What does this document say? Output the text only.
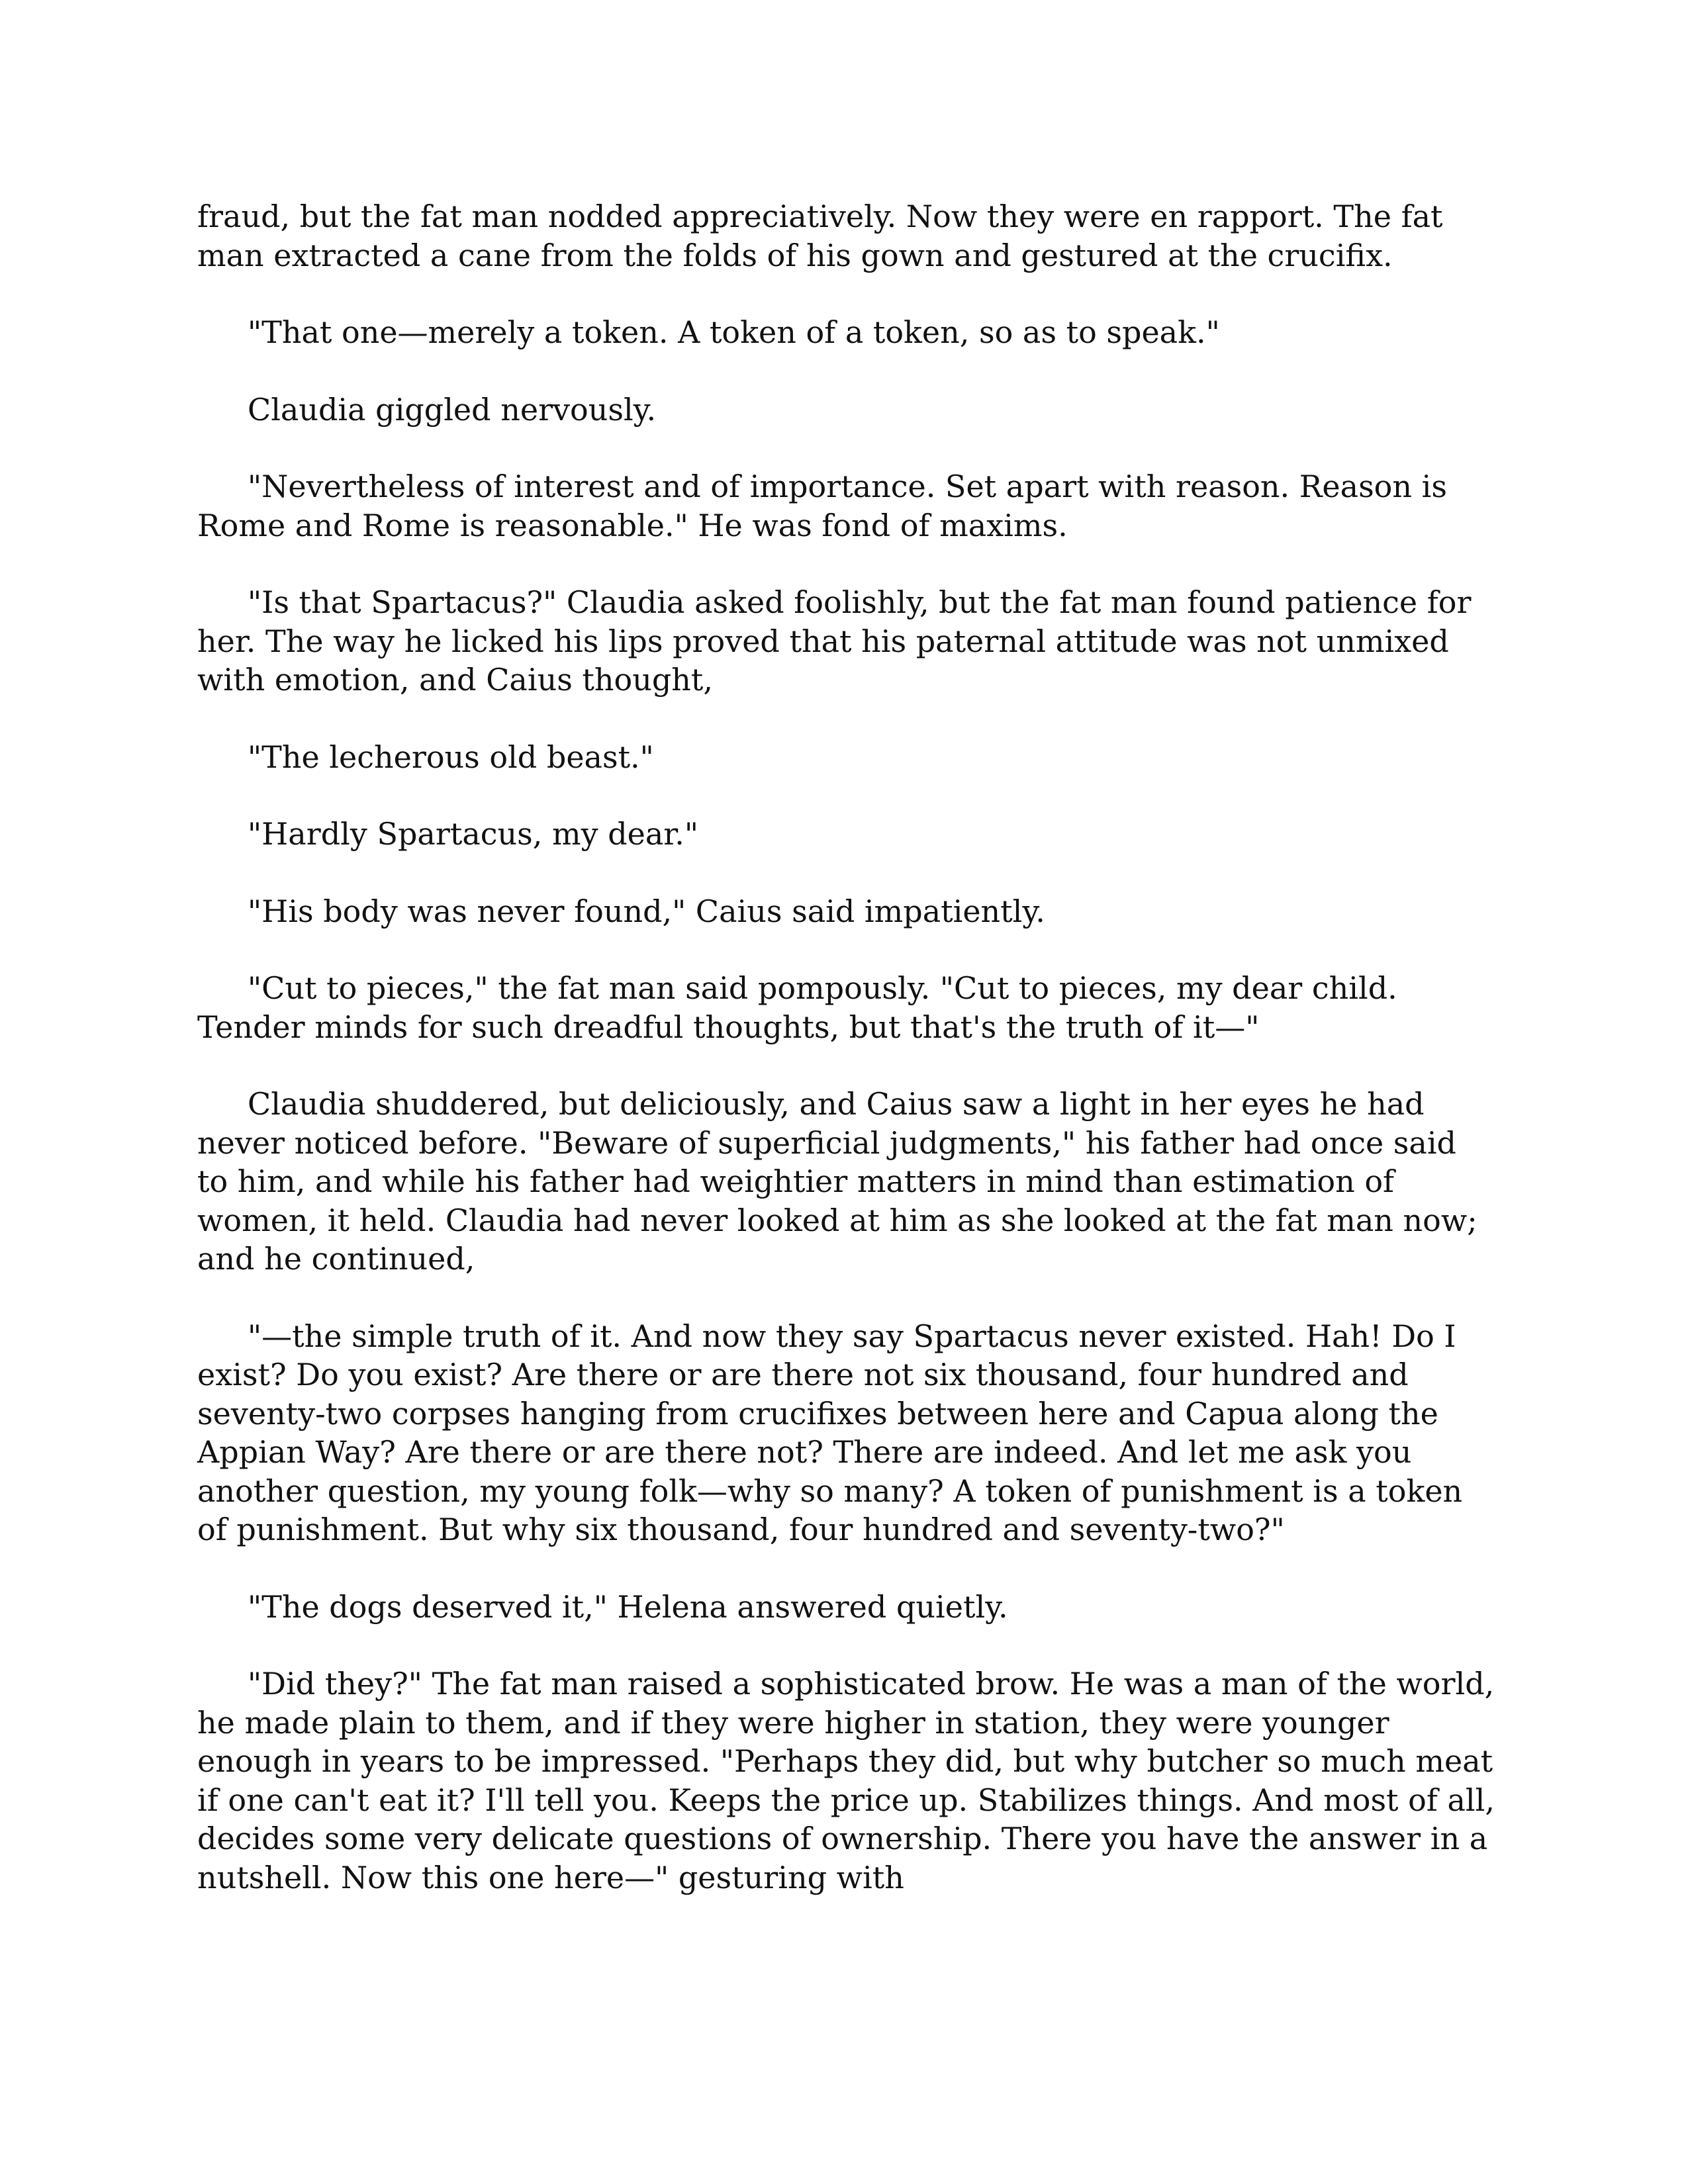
fraud, but the fat man nodded appreciatively. Now they were en rapport. The fat man extracted a cane from the folds of his gown and gestured at the crucifix.

"That one—merely a token. A token of a token, so as to speak."

Claudia giggled nervously.

"Nevertheless of interest and of importance. Set apart with reason. Reason is Rome and Rome is reasonable." He was fond of maxims.

"Is that Spartacus?" Claudia asked foolishly, but the fat man found patience for her. The way he licked his lips proved that his paternal attitude was not unmixed with emotion, and Caius thought,

"The lecherous old beast."

"Hardly Spartacus, my dear."

"His body was never found," Caius said impatiently.

"Cut to pieces," the fat man said pompously. "Cut to pieces, my dear child. Tender minds for such dreadful thoughts, but that's the truth of it—"

Claudia shuddered, but deliciously, and Caius saw a light in her eyes he had never noticed before. "Beware of superficial judgments," his father had once said to him, and while his father had weightier matters in mind than estimation of women, it held. Claudia had never looked at him as she looked at the fat man now; and he continued,

"—the simple truth of it. And now they say Spartacus never existed. Hah! Do I exist? Do you exist? Are there or are there not six thousand, four hundred and seventy-two corpses hanging from crucifixes between here and Capua along the Appian Way? Are there or are there not? There are indeed. And let me ask you another question, my young folk—why so many? A token of punishment is a token of punishment. But why six thousand, four hundred and seventy-two?"

"The dogs deserved it," Helena answered quietly.

"Did they?" The fat man raised a sophisticated brow. He was a man of the world, he made plain to them, and if they were higher in station, they were younger enough in years to be impressed. "Perhaps they did, but why butcher so much meat if one can't eat it? I'll tell you. Keeps the price up. Stabilizes things. And most of all, decides some very delicate questions of ownership. There you have the answer in a nutshell. Now this one here—" gesturing with
